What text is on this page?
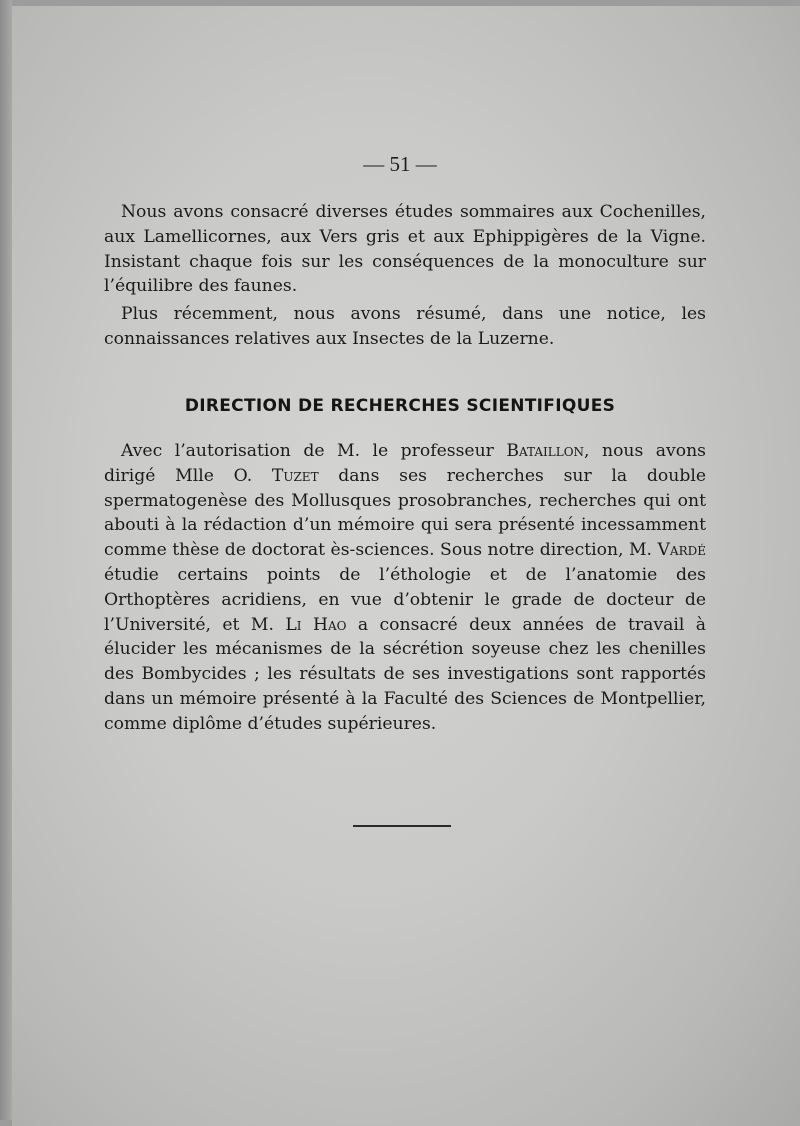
— 51 —

Nous avons consacré diverses études sommaires aux Cochenilles, aux Lamellicornes, aux Vers gris et aux Ephippigères de la Vigne. Insistant chaque fois sur les conséquences de la monoculture sur l’équilibre des faunes.

Plus récemment, nous avons résumé, dans une notice, les connaissances relatives aux Insectes de la Luzerne.

DIRECTION DE RECHERCHES SCIENTIFIQUES

Avec l’autorisation de M. le professeur Bataillon, nous avons dirigé Mlle O. Tuzet dans ses recherches sur la double spermatogenèse des Mollusques prosobranches, recherches qui ont abouti à la rédaction d’un mémoire qui sera présenté incessamment comme thèse de doctorat ès-sciences. Sous notre direction, M. Vardé étudie certains points de l’éthologie et de l’anatomie des Orthoptères acridiens, en vue d’obtenir le grade de docteur de l’Université, et M. Li Hao a consacré deux années de travail à élucider les mécanismes de la sécrétion soyeuse chez les chenilles des Bombycides ; les résultats de ses investigations sont rapportés dans un mémoire présenté à la Faculté des Sciences de Montpellier, comme diplôme d’études supérieures.
